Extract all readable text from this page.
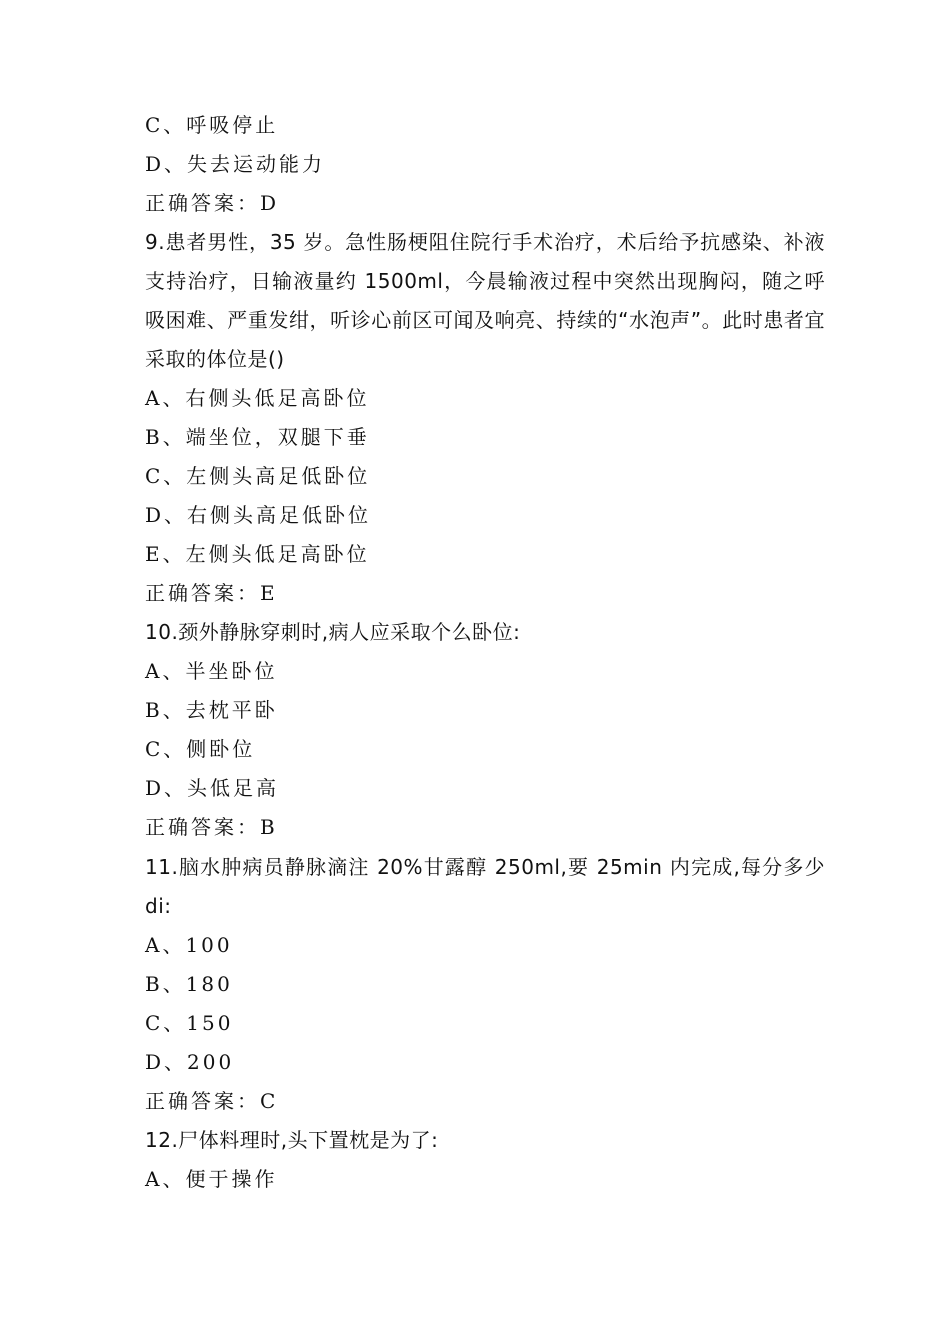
C、呼吸停止
D、失去运动能力
正确答案：D
9.患者男性，35 岁。急性肠梗阻住院行手术治疗，术后给予抗感染、补液支持治疗，日输液量约 1500ml，今晨输液过程中突然出现胸闷，随之呼吸困难、严重发绀，听诊心前区可闻及响亮、持续的“水泡声”。此时患者宜采取的体位是()
A、右侧头低足高卧位
B、端坐位，双腿下垂
C、左侧头高足低卧位
D、右侧头高足低卧位
E、左侧头低足高卧位
正确答案：E
10.颈外静脉穿刺时,病人应采取个么卧位:
A、半坐卧位
B、去枕平卧
C、侧卧位
D、头低足高
正确答案：B
11.脑水肿病员静脉滴注 20%甘露醇 250ml,要 25min 内完成,每分多少 di:
A、100
B、180
C、150
D、200
正确答案：C
12.尸体料理时,头下置枕是为了:
A、便于操作
